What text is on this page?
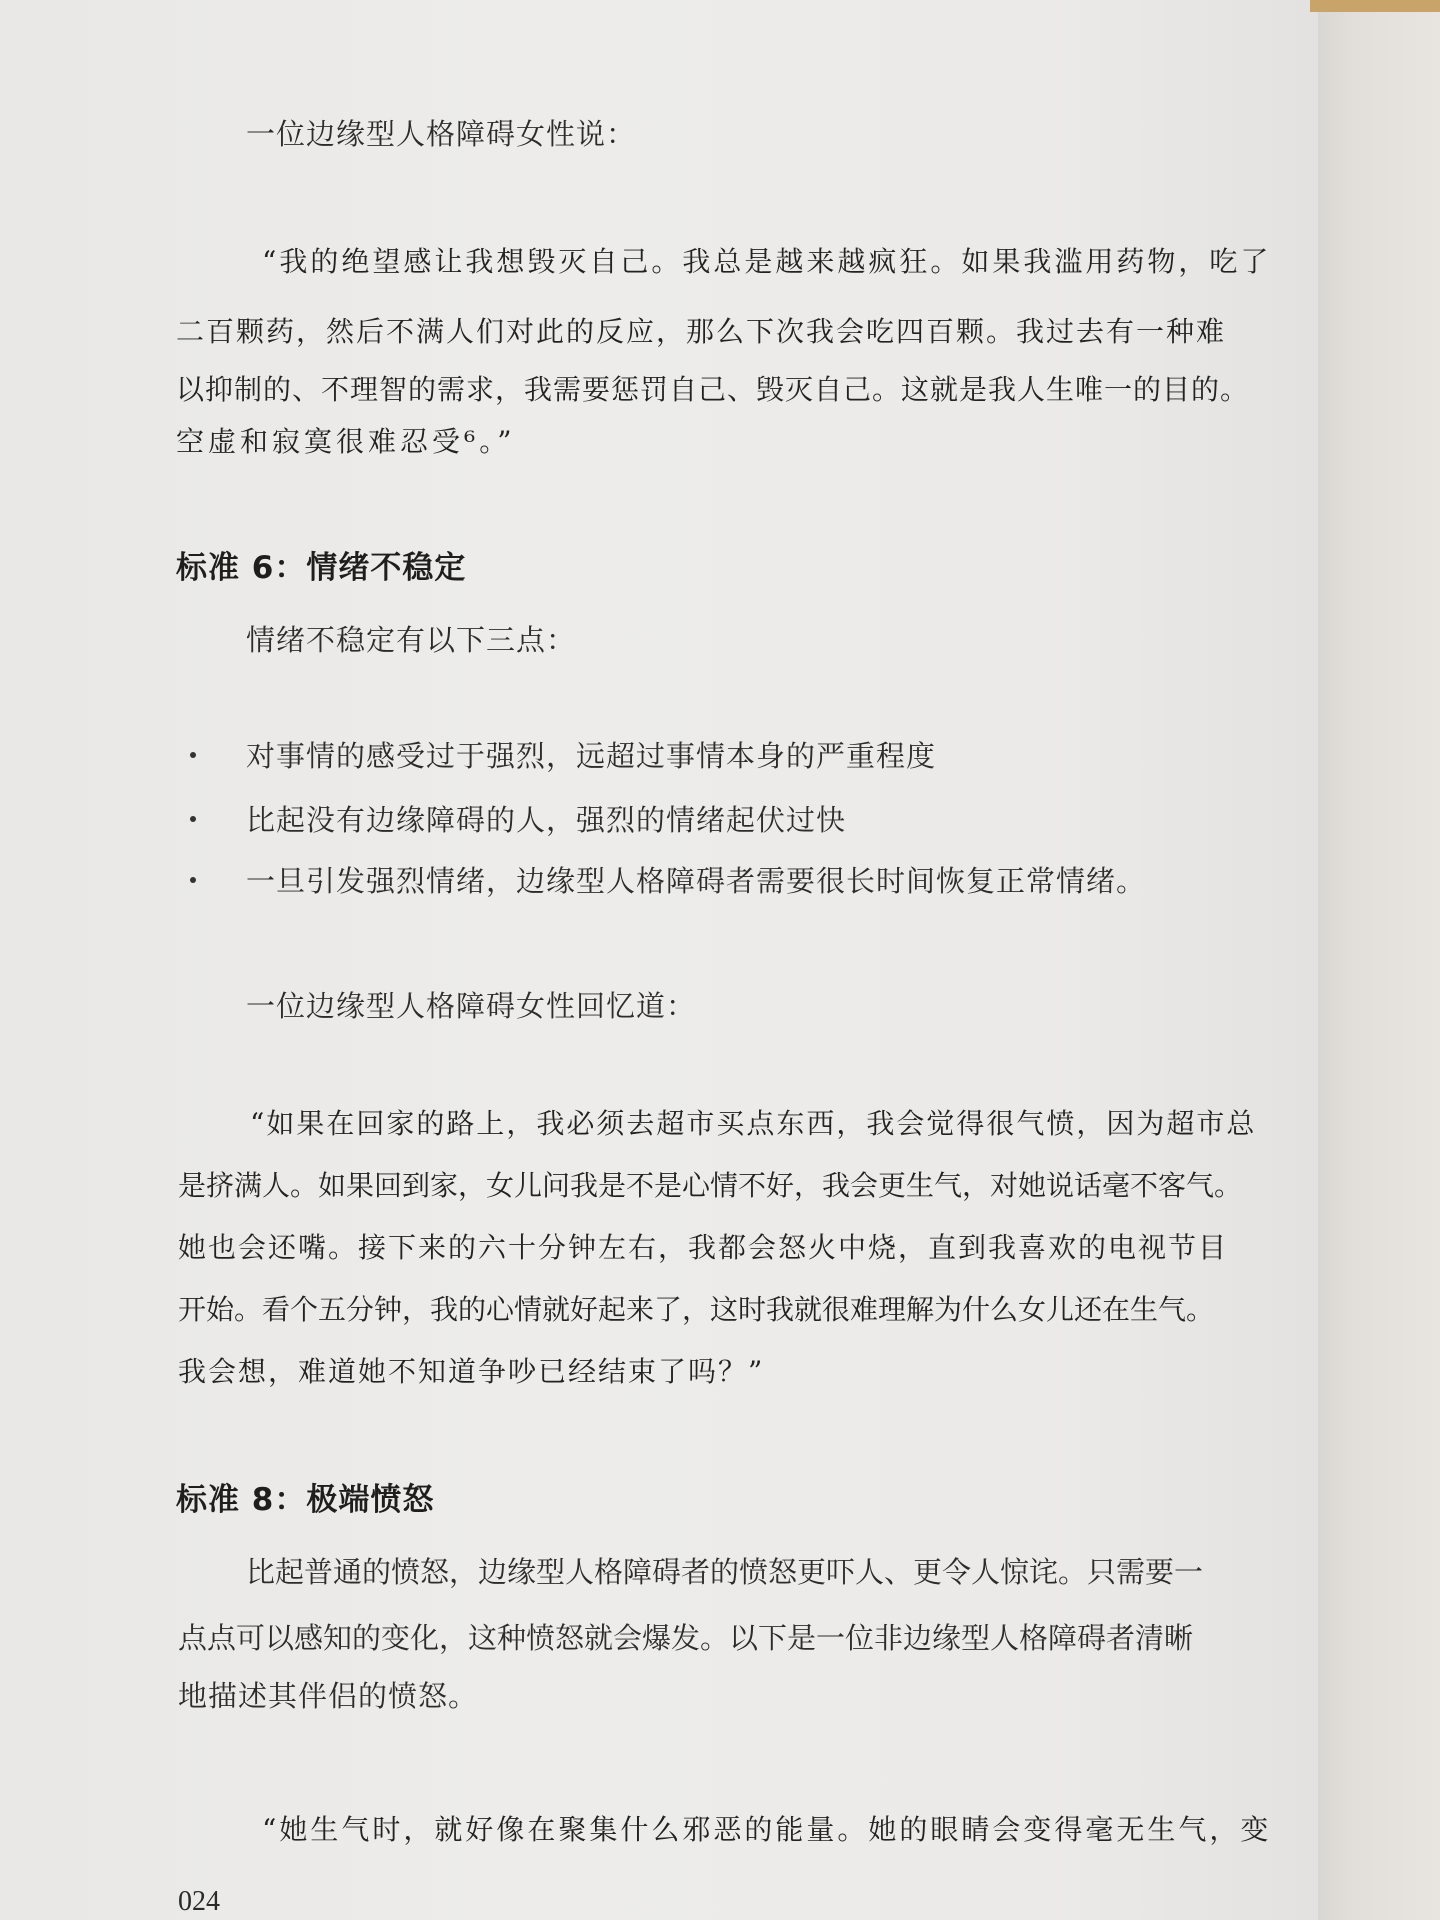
一位边缘型人格障碍女性说：

“我的绝望感让我想毁灭自己。我总是越来越疯狂。如果我滥用药物，吃了

二百颗药，然后不满人们对此的反应，那么下次我会吃四百颗。我过去有一种难

以抑制的、不理智的需求，我需要惩罚自己、毁灭自己。这就是我人生唯一的目的。

空虚和寂寞很难忍受⁶。”

标准 6：情绪不稳定

情绪不稳定有以下三点：

对事情的感受过于强烈，远超过事情本身的严重程度

比起没有边缘障碍的人，强烈的情绪起伏过快

一旦引发强烈情绪，边缘型人格障碍者需要很长时间恢复正常情绪。

一位边缘型人格障碍女性回忆道：

“如果在回家的路上，我必须去超市买点东西，我会觉得很气愤，因为超市总

是挤满人。如果回到家，女儿问我是不是心情不好，我会更生气，对她说话毫不客气。

她也会还嘴。接下来的六十分钟左右，我都会怒火中烧，直到我喜欢的电视节目

开始。看个五分钟，我的心情就好起来了，这时我就很难理解为什么女儿还在生气。

我会想，难道她不知道争吵已经结束了吗？”

标准 8：极端愤怒

比起普通的愤怒，边缘型人格障碍者的愤怒更吓人、更令人惊诧。只需要一

点点可以感知的变化，这种愤怒就会爆发。以下是一位非边缘型人格障碍者清晰

地描述其伴侣的愤怒。

“她生气时，就好像在聚集什么邪恶的能量。她的眼睛会变得毫无生气，变

024
